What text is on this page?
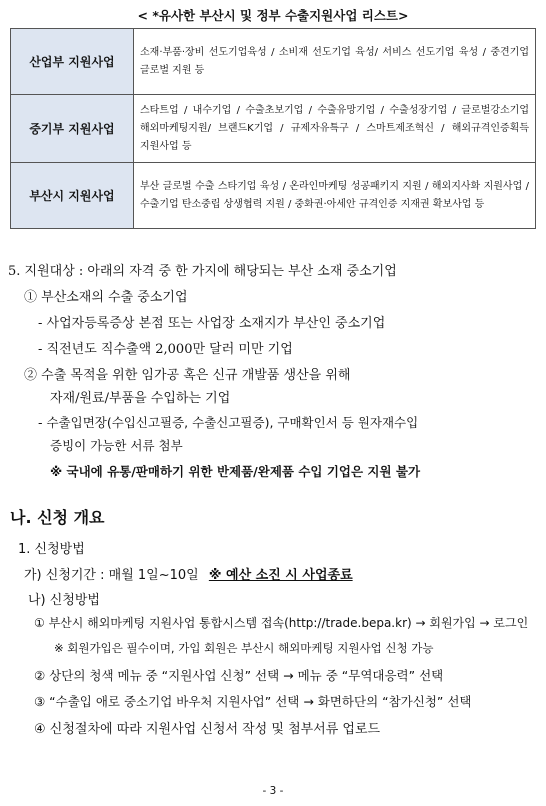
< *유사한 부산시 및 정부 수출지원사업 리스트>
산업부 지원사업	소재·부품·장비 선도기업육성 / 소비재 선도기업 육성/ 서비스 선도기업 육성 / 중견기업 글로벌 지원 등
중기부 지원사업	스타트업 / 내수기업 / 수출초보기업 / 수출유망기업 / 수출성장기업 / 글로벌강소기업 해외마케팅지원/ 브랜드K기업 / 규제자유특구 / 스마트제조혁신 / 해외규격인증획득 지원사업 등
부산시 지원사업	부산 글로벌 수출 스타기업 육성 / 온라인마케팅 성공패키지 지원 / 해외지사화 지원사업 / 수출기업 탄소중립 상생협력 지원 / 중화권·아세안 규격인증 지재권 확보사업 등
5. 지원대상 : 아래의 자격 중 한 가지에 해당되는 부산 소재 중소기업
① 부산소재의 수출 중소기업
- 사업자등록증상 본점 또는 사업장 소재지가 부산인 중소기업
- 직전년도 직수출액 2,000만 달러 미만 기업
② 수출 목적을 위한 임가공 혹은 신규 개발품 생산을 위해
자재/원료/부품을 수입하는 기업
- 수출입면장(수입신고필증, 수출신고필증), 구매확인서 등 원자재수입
증빙이 가능한 서류 첨부
※ 국내에 유통/판매하기 위한 반제품/완제품 수입 기업은 지원 불가
나. 신청 개요
1. 신청방법
가) 신청기간 : 매월 1일~10일 ※ 예산 소진 시 사업종료
나) 신청방법
① 부산시 해외마케팅 지원사업 통합시스템 접속(http://trade.bepa.kr) → 회원가입 → 로그인
※ 회원가입은 필수이며, 가입 회원은 부산시 해외마케팅 지원사업 신청 가능
② 상단의 청색 메뉴 중 “지원사업 신청” 선택 → 메뉴 중 “무역대응력” 선택
③ “수출입 애로 중소기업 바우처 지원사업” 선택 → 화면하단의 “참가신청” 선택
④ 신청절차에 따라 지원사업 신청서 작성 및 첨부서류 업로드
- 3 -
